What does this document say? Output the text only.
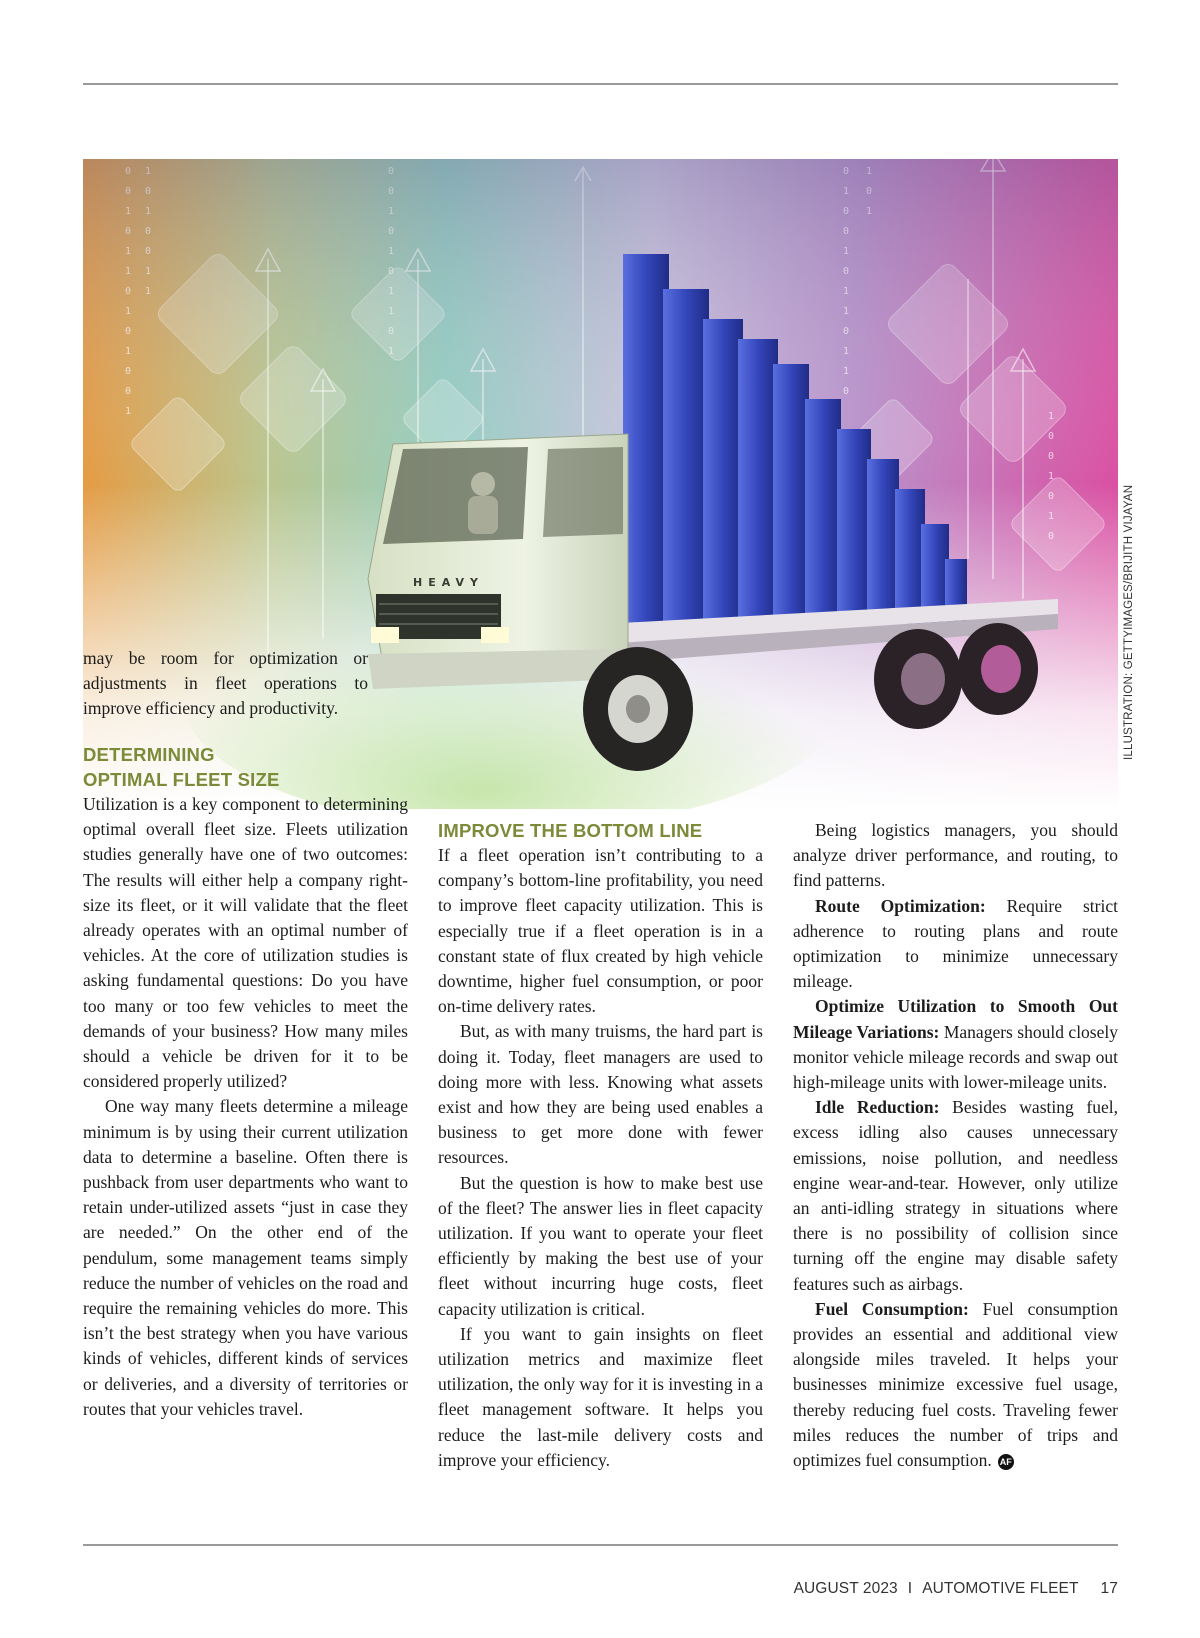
HEAVY	ILLUSTRATION: GETTYIMAGES/BRIJITH VIJAYAN

may be room for optimization or adjustments in fleet operations to improve efficiency and productivity.

DETERMINING
OPTIMAL FLEET SIZE

Utilization is a key component to determining optimal overall fleet size. Fleets utilization studies generally have one of two outcomes: The results will either help a company right-size its fleet, or it will validate that the fleet already operates with an optimal number of vehicles. At the core of utilization studies is asking fundamental questions: Do you have too many or too few vehicles to meet the demands of your business? How many miles should a vehicle be driven for it to be considered properly utilized?

One way many fleets determine a mileage minimum is by using their current utilization data to determine a baseline. Often there is pushback from user departments who want to retain under-utilized assets “just in case they are needed.” On the other end of the pendulum, some management teams simply reduce the number of vehicles on the road and require the remaining vehicles do more. This isn’t the best strategy when you have various kinds of vehicles, different kinds of services or deliveries, and a diversity of territories or routes that your vehicles travel.

IMPROVE THE BOTTOM LINE

If a fleet operation isn’t contributing to a company’s bottom-line profitability, you need to improve fleet capacity utilization. This is especially true if a fleet operation is in a constant state of flux created by high vehicle downtime, higher fuel consumption, or poor on-time delivery rates.

But, as with many truisms, the hard part is doing it. Today, fleet managers are used to doing more with less. Knowing what assets exist and how they are being used enables a business to get more done with fewer resources.

But the question is how to make best use of the fleet? The answer lies in fleet capacity utilization. If you want to operate your fleet efficiently by making the best use of your fleet without incurring huge costs, fleet capacity utilization is critical.

If you want to gain insights on fleet utilization metrics and maximize fleet utilization, the only way for it is investing in a fleet management software. It helps you reduce the last-mile delivery costs and improve your efficiency.

Being logistics managers, you should analyze driver performance, and routing, to find patterns.

Route Optimization: Require strict adherence to routing plans and route optimization to minimize unnecessary mileage.

Optimize Utilization to Smooth Out Mileage Variations: Managers should closely monitor vehicle mileage records and swap out high-mileage units with lower-mileage units.

Idle Reduction: Besides wasting fuel, excess idling also causes unnecessary emissions, noise pollution, and needless engine wear-and-tear. However, only utilize an anti-idling strategy in situations where there is no possibility of collision since turning off the engine may disable safety features such as airbags.

Fuel Consumption: Fuel consumption provides an essential and additional view alongside miles traveled. It helps your businesses minimize excessive fuel usage, thereby reducing fuel costs. Traveling fewer miles reduces the number of trips and optimizes fuel consumption. AF

AUGUST 2023 I AUTOMOTIVE FLEET 17
